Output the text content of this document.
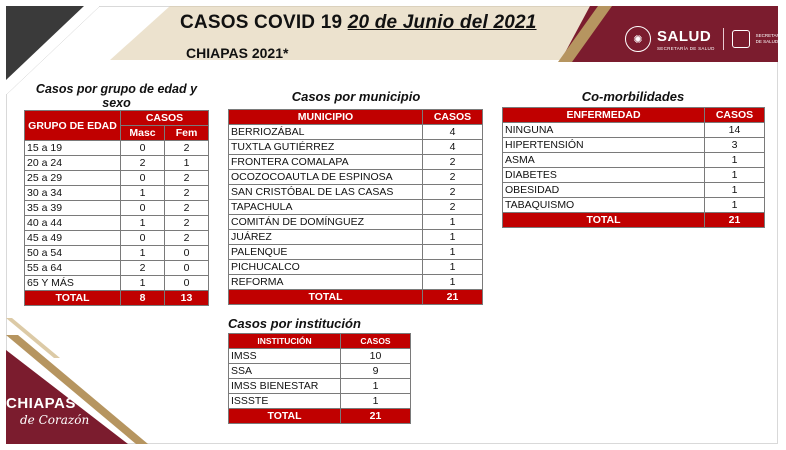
CASOS COVID 19 20 de Junio del 2021
CHIAPAS 2021*
✺ SALUD
SECRETARÍA DE SALUD
SECRETARÍA
DE SALUD
Casos por grupo de edad y sexo
GRUPO DE EDAD	CASOS	
	Masc	Fem
15 a 19	0	2
20 a 24	2	1
25 a 29	0	2
30 a 34	1	2
35 a 39	0	2
40 a 44	1	2
45 a 49	0	2
50 a 54	1	0
55 a 64	2	0
65 Y MÁS	1	0
TOTAL	8	13
Casos por municipio
MUNICIPIO	CASOS
BERRIOZÁBAL	4
TUXTLA GUTIÉRREZ	4
FRONTERA COMALAPA	2
OCOZOCOAUTLA DE ESPINOSA	2
SAN CRISTÓBAL DE LAS CASAS	2
TAPACHULA	2
COMITÁN DE DOMÍNGUEZ	1
JUÁREZ	1
PALENQUE	1
PICHUCALCO	1
REFORMA	1
TOTAL	21
Co-morbilidades
ENFERMEDAD	CASOS
NINGUNA	14
HIPERTENSIÓN	3
ASMA	1
DIABETES	1
OBESIDAD	1
TABAQUISMO	1
TOTAL	21
Casos por institución
INSTITUCIÓN	CASOS
IMSS	10
SSA	9
IMSS BIENESTAR	1
ISSSTE	1
TOTAL	21
CHIAPAS
de Corazón
